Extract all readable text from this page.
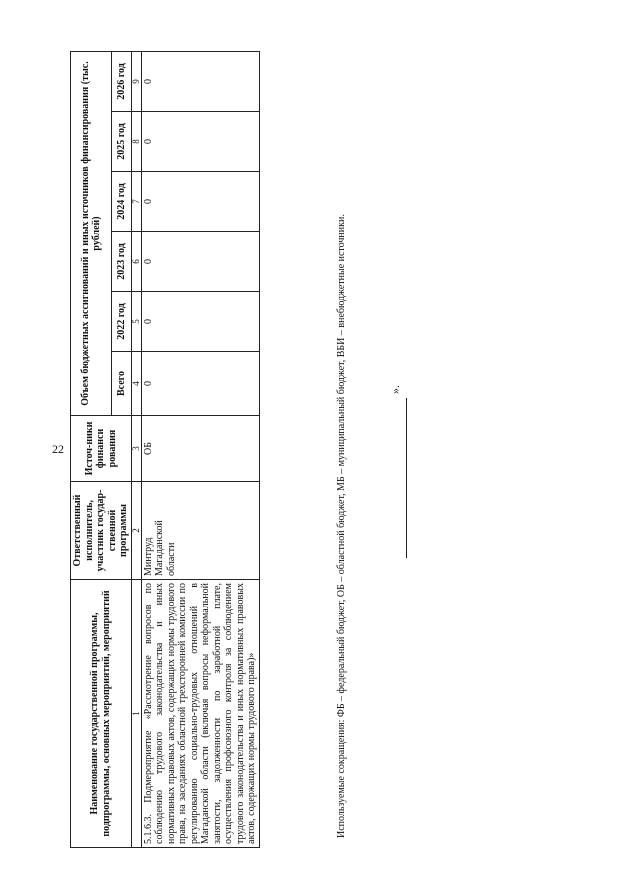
22
Наименование государственной программы, подпрограммы, основных мероприятий, мероприятий	Ответственный исполнитель, участник государ-ственной программы	Источ-ники финанси рования	Объем бюджетных ассигнований и иных источников финансирования (тыс. рублей)					
			Всего	2022 год	2023 год	2024 год	2025 год	2026 год
1	2	3	4	5	6	7	8	9
5.1.6.3. Подмероприятие «Рассмотрение вопросов по соблюдению трудового законодательства и иных нормативных правовых актов, содержащих нормы трудового права, на заседаниях областной трехсторонней комиссии по регулированию социально-трудовых отношений в Магаданской области (включая вопросы неформальной занятости, задолженности по заработной плате, осуществления профсоюзного контроля за соблюдением трудового законодательства и иных нормативных правовых актов, содержащих нормы трудового права)»	Минтруд Магаданской области	ОБ	0	0	0	0	0	0
Используемые сокращения: ФБ – федеральный бюджет, ОБ – областной бюджет, МБ – муниципальный бюджет, ВБИ – внебюджетные источники.	».
